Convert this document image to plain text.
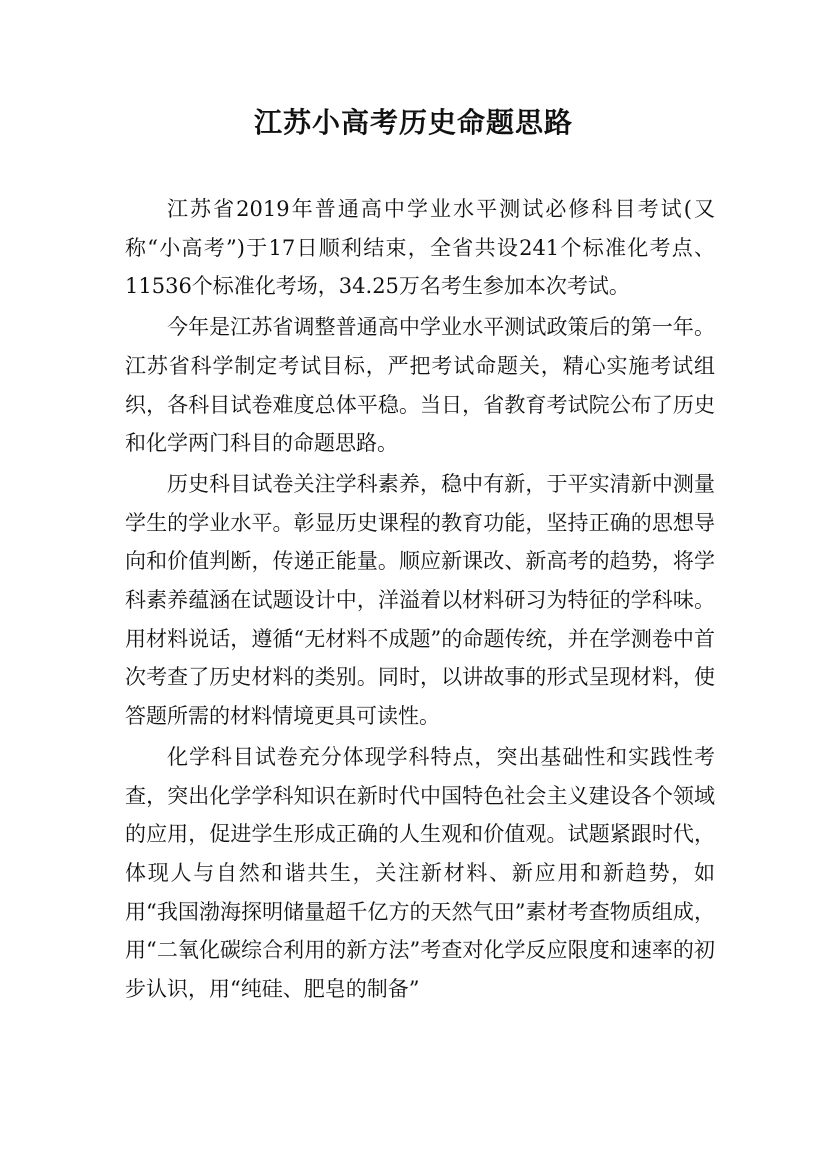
江苏小高考历史命题思路

江苏省2019年普通高中学业水平测试必修科目考试(又称“小高考”)于17日顺利结束，全省共设241个标准化考点、11536个标准化考场，34.25万名考生参加本次考试。

今年是江苏省调整普通高中学业水平测试政策后的第一年。江苏省科学制定考试目标，严把考试命题关，精心实施考试组织，各科目试卷难度总体平稳。当日，省教育考试院公布了历史和化学两门科目的命题思路。

历史科目试卷关注学科素养，稳中有新，于平实清新中测量学生的学业水平。彰显历史课程的教育功能，坚持正确的思想导向和价值判断，传递正能量。顺应新课改、新高考的趋势，将学科素养蕴涵在试题设计中，洋溢着以材料研习为特征的学科味。用材料说话，遵循“无材料不成题”的命题传统，并在学测卷中首次考查了历史材料的类别。同时，以讲故事的形式呈现材料，使答题所需的材料情境更具可读性。

化学科目试卷充分体现学科特点，突出基础性和实践性考查，突出化学学科知识在新时代中国特色社会主义建设各个领域的应用，促进学生形成正确的人生观和价值观。试题紧跟时代，体现人与自然和谐共生，关注新材料、新应用和新趋势，如用“我国渤海探明储量超千亿方的天然气田”素材考查物质组成，用“二氧化碳综合利用的新方法”考查对化学反应限度和速率的初步认识，用“纯硅、肥皂的制备”
